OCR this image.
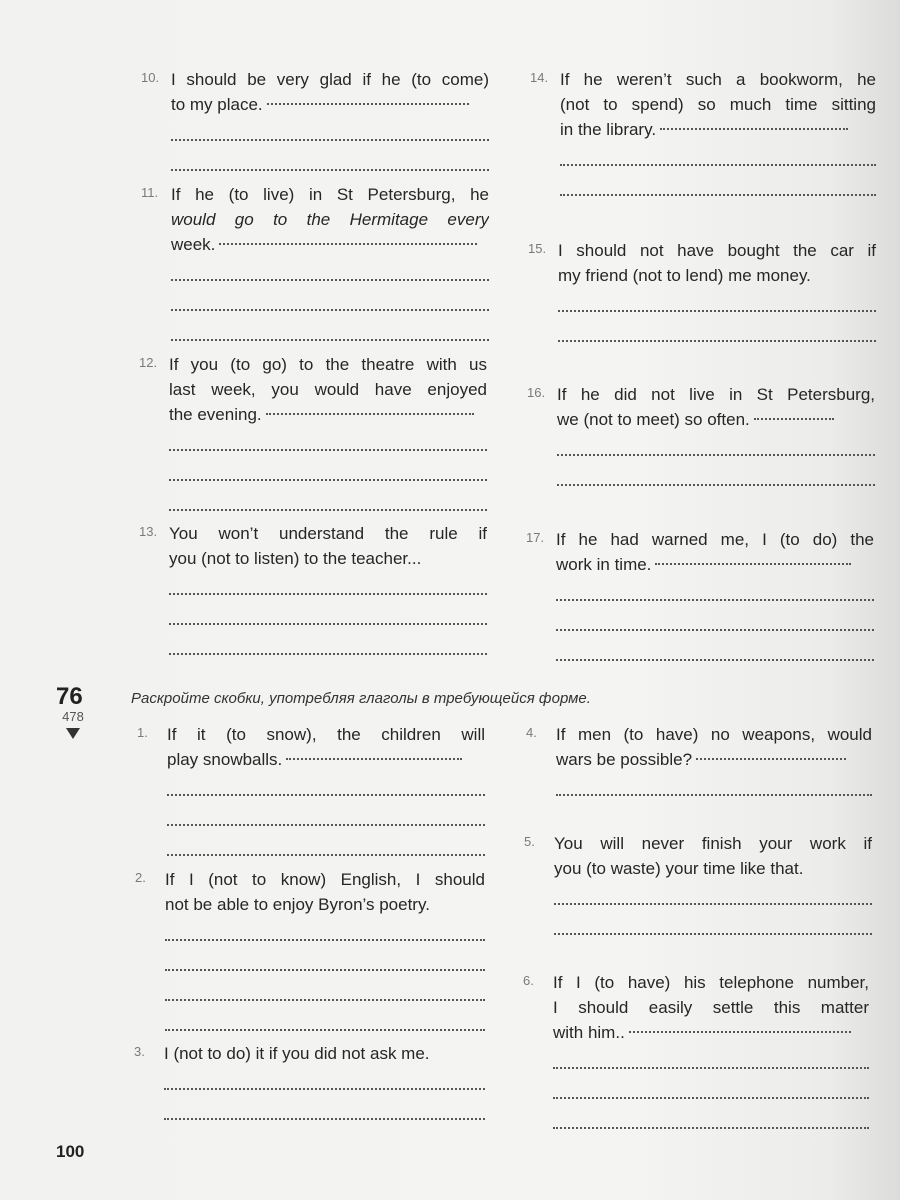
10. I should be very glad if he (to come)
to my place.
11. If he (to live) in St Petersburg, he
would go to the Hermitage every
week.
12. If you (to go) to the theatre with us
last week, you would have enjoyed
the evening.
13. You won’t understand the rule if
you (not to listen) to the teacher...
14. If he weren’t such a bookworm, he
(not to spend) so much time sitting
in the library.
15. I should not have bought the car if
my friend (not to lend) me money.
16. If he did not live in St Petersburg,
we (not to meet) so often.
17. If he had warned me, I (to do) the
work in time.
76
478
Раскройте скобки, употребляя глаголы в требующейся форме.
1. If it (to snow), the children will
play snowballs.
2. If I (not to know) English, I should
not be able to enjoy Byron’s poetry.
3. I (not to do) it if you did not ask me.
4. If men (to have) no weapons, would
wars be possible?
5. You will never finish your work if
you (to waste) your time like that.
6. If I (to have) his telephone number,
I should easily settle this matter
with him..
100
